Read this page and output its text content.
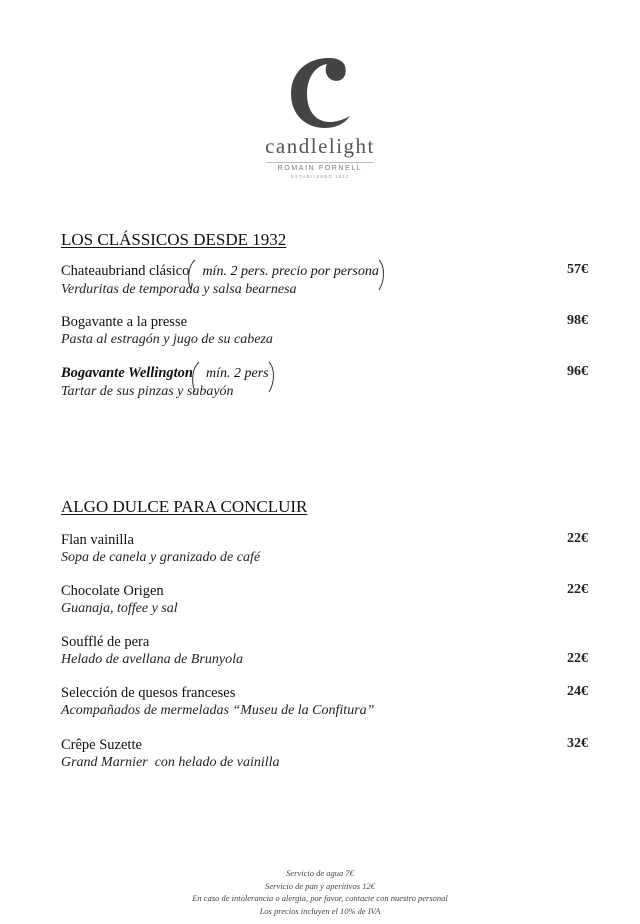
candlelight
ROMAIN FORNELL
ESTABLISHED 1932
LOS CLÁSSICOS DESDE 1932
Chateaubriand clásico mín. 2 pers. precio por persona
Verduritas de temporada y salsa bearnesa
57€
Bogavante a la presse
Pasta al estragón y jugo de su cabeza
98€
Bogavante Wellington mín. 2 pers
Tartar de sus pinzas y sabayón
96€
ALGO DULCE PARA CONCLUIR
Flan vainilla
Sopa de canela y granizado de café
22€
Chocolate Origen
Guanaja, toffee y sal
22€
Soufflé de pera
Helado de avellana de Brunyola	22€
Selección de quesos franceses
Acompañados de mermeladas “Museu de la Confitura”
24€
Crêpe Suzette
Grand Marnier  con helado de vainilla
32€
Servicio de agua 7€
Servicio de pan y aperitivos 12€
En caso de intolerancia o alergia, por favor, contacte con nuestro personal
Los precios incluyen el 10% de IVA
